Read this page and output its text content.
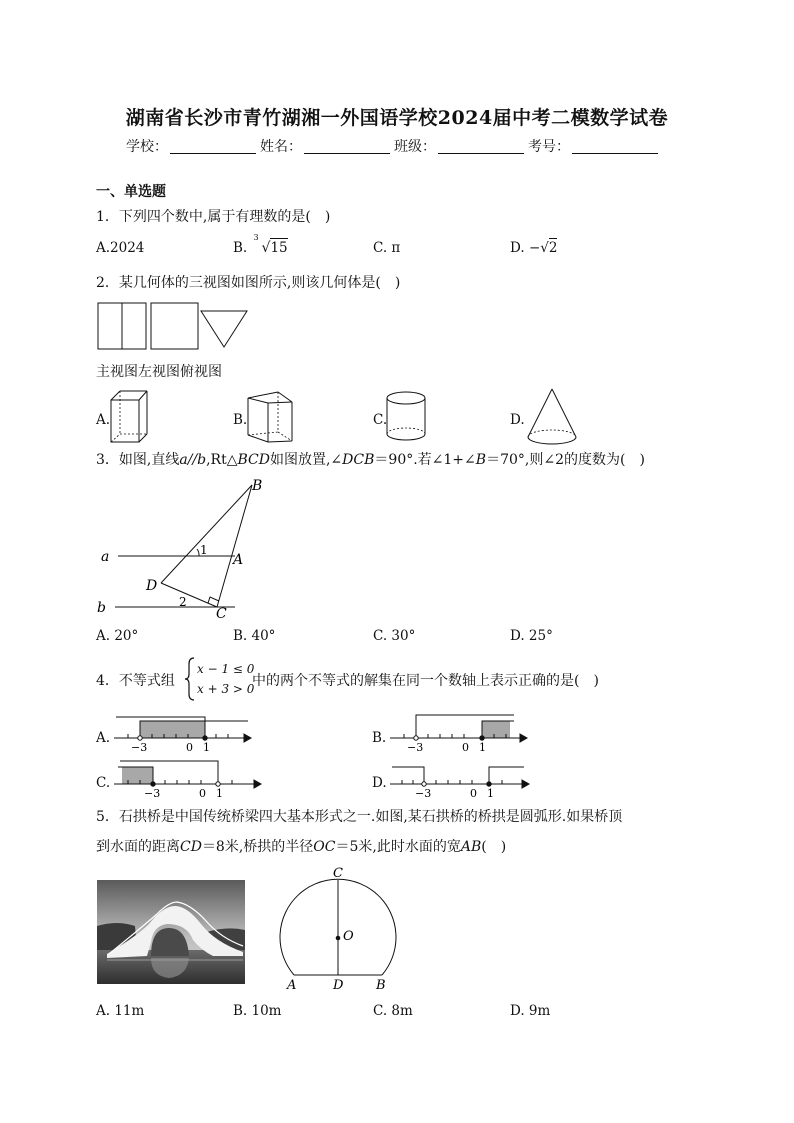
湖南省长沙市青竹湖湘一外国语学校2024届中考二模数学试卷
学校：	姓名：	班级：	考号：
一、单选题
1．下列四个数中,属于有理数的是(　)
A.2024	B.
3
√15	C. π	D. −√2
2．某几何体的三视图如图所示,则该几何体是(　)
主视图左视图俯视图
A.	B.	C.	D.
3．如图,直线a//b,Rt△BCD如图放置,∠DCB＝90°.若∠1+∠B＝70°,则∠2的度数为(　)
a
b
B
A
D
C
1
2
A. 20°	B. 40°	C. 30°	D. 25°
4．不等式组
x − 1 ≤ 0
x + 3 > 0
中的两个不等式的解集在同一个数轴上表示正确的是(　)
A.
−3	0 1
B.
−3	0 1
C.
−3	0 1
D.
−3	0 1
5．石拱桥是中国传统桥梁四大基本形式之一.如图,某石拱桥的桥拱是圆弧形.如果桥顶
到水面的距离CD＝8米,桥拱的半径OC＝5米,此时水面的宽AB(　)
C
O
A	D	B
A. 11m	B. 10m	C. 8m	D. 9m
